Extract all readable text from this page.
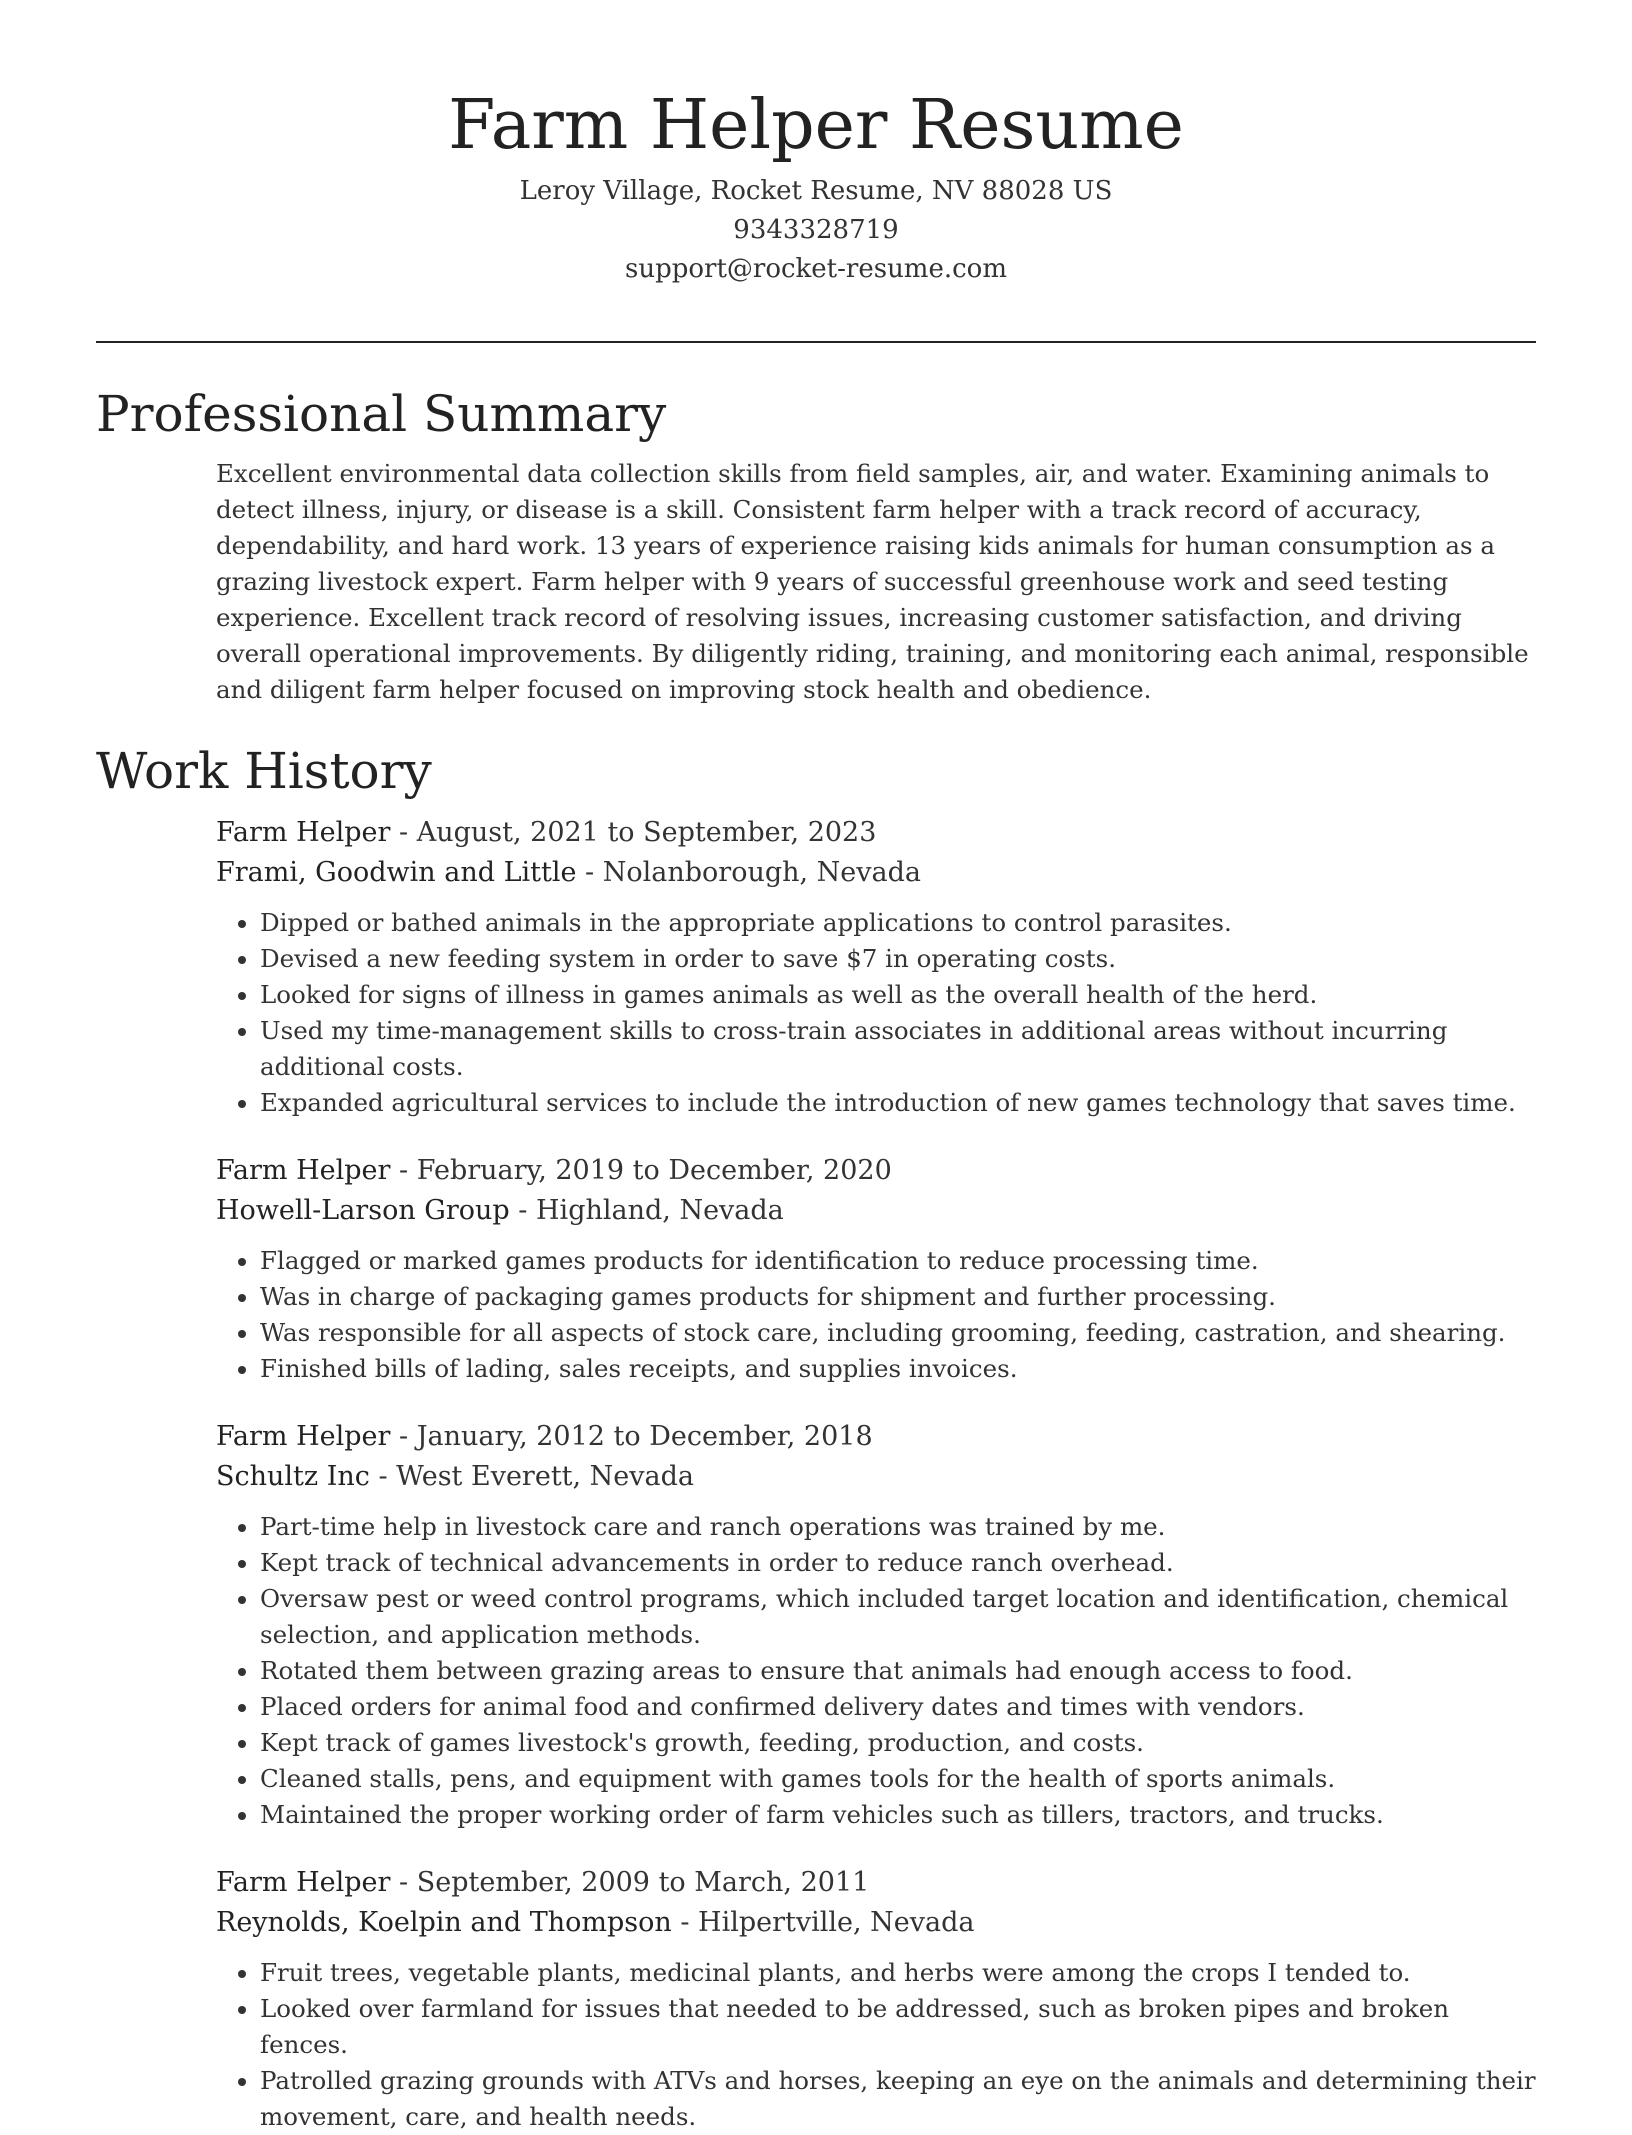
Farm Helper Resume

Leroy Village, Rocket Resume, NV 88028 US

9343328719

support@rocket-resume.com

Professional Summary

Excellent environmental data collection skills from field samples, air, and water. Examining animals to detect illness, injury, or disease is a skill. Consistent farm helper with a track record of accuracy, dependability, and hard work. 13 years of experience raising kids animals for human consumption as a grazing livestock expert. Farm helper with 9 years of successful greenhouse work and seed testing experience. Excellent track record of resolving issues, increasing customer satisfaction, and driving overall operational improvements. By diligently riding, training, and monitoring each animal, responsible and diligent farm helper focused on improving stock health and obedience.

Work History
Farm Helper - August, 2021 to September, 2023
Frami, Goodwin and Little - Nolanborough, Nevada
• Dipped or bathed animals in the appropriate applications to control parasites.
• Devised a new feeding system in order to save $7 in operating costs.
• Looked for signs of illness in games animals as well as the overall health of the herd.
• Used my time-management skills to cross-train associates in additional areas without incurring additional costs.
• Expanded agricultural services to include the introduction of new games technology that saves time.
Farm Helper - February, 2019 to December, 2020
Howell-Larson Group - Highland, Nevada
• Flagged or marked games products for identification to reduce processing time.
• Was in charge of packaging games products for shipment and further processing.
• Was responsible for all aspects of stock care, including grooming, feeding, castration, and shearing.
• Finished bills of lading, sales receipts, and supplies invoices.
Farm Helper - January, 2012 to December, 2018
Schultz Inc - West Everett, Nevada
• Part-time help in livestock care and ranch operations was trained by me.
• Kept track of technical advancements in order to reduce ranch overhead.
• Oversaw pest or weed control programs, which included target location and identification, chemical selection, and application methods.
• Rotated them between grazing areas to ensure that animals had enough access to food.
• Placed orders for animal food and confirmed delivery dates and times with vendors.
• Kept track of games livestock's growth, feeding, production, and costs.
• Cleaned stalls, pens, and equipment with games tools for the health of sports animals.
• Maintained the proper working order of farm vehicles such as tillers, tractors, and trucks.
Farm Helper - September, 2009 to March, 2011
Reynolds, Koelpin and Thompson - Hilpertville, Nevada
• Fruit trees, vegetable plants, medicinal plants, and herbs were among the crops I tended to.
• Looked over farmland for issues that needed to be addressed, such as broken pipes and broken fences.
• Patrolled grazing grounds with ATVs and horses, keeping an eye on the animals and determining their movement, care, and health needs.
